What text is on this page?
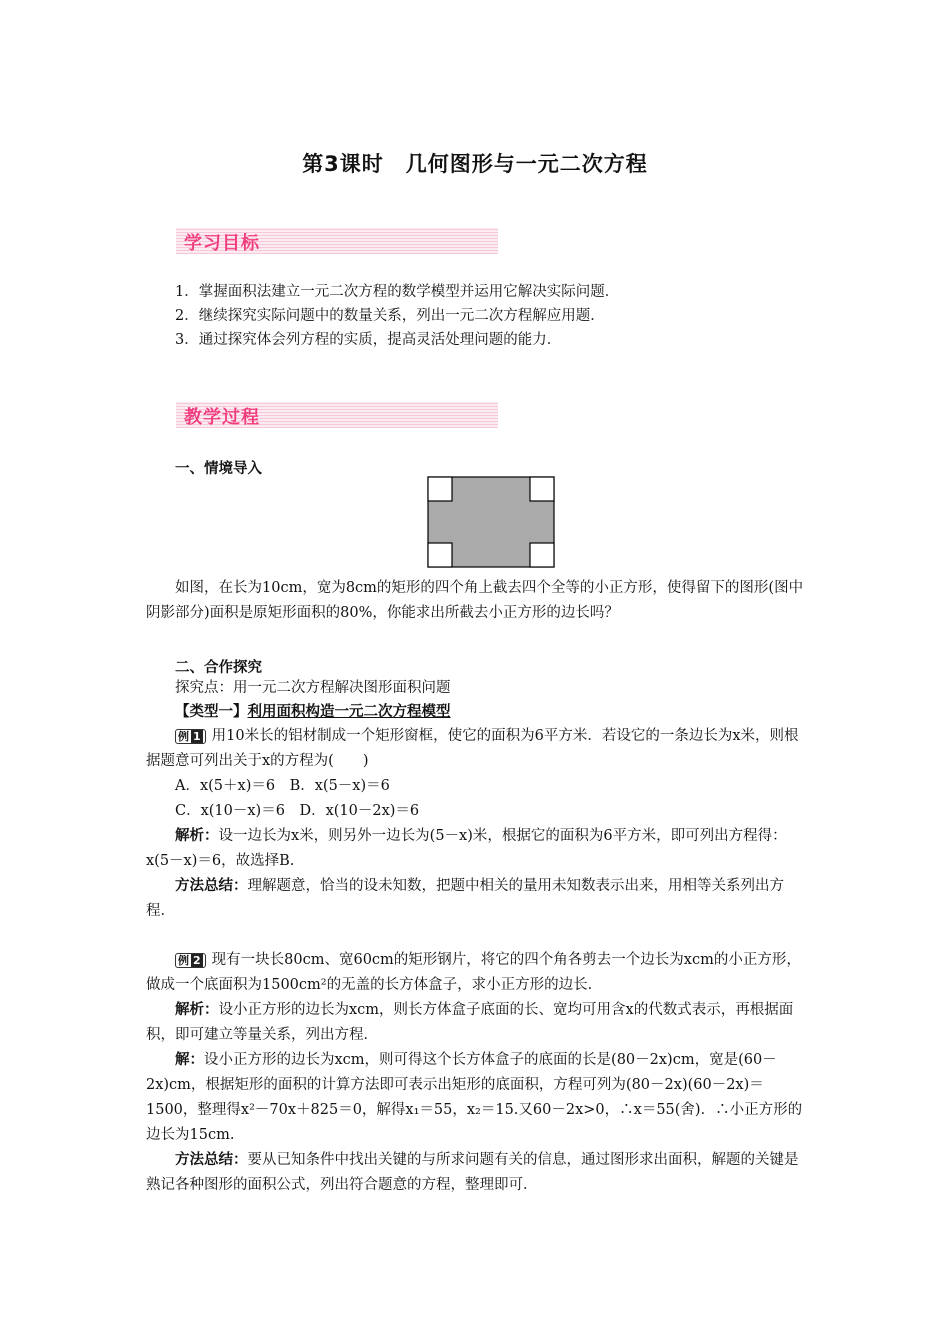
第3课时　几何图形与一元二次方程
学习目标
1．掌握面积法建立一元二次方程的数学模型并运用它解决实际问题．
2．继续探究实际问题中的数量关系，列出一元二次方程解应用题．
3．通过探究体会列方程的实质，提高灵活处理问题的能力．
教学过程
一、情境导入

如图，在长为10cm，宽为8cm的矩形的四个角上截去四个全等的小正方形，使得留下的图形(图中阴影部分)面积是原矩形面积的80%，你能求出所截去小正方形的边长吗？

二、合作探究
探究点：用一元二次方程解决图形面积问题
【类型一】利用面积构造一元二次方程模型

例 1 用10米长的铝材制成一个矩形窗框，使它的面积为6平方米．若设它的一条边长为x米，则根据题意可列出关于x的方程为(　　)

A．x(5＋x)＝6　B．x(5－x)＝6

C．x(10－x)＝6　D．x(10－2x)＝6

解析：设一边长为x米，则另外一边长为(5－x)米，根据它的面积为6平方米，即可列出方程得：x(5－x)＝6，故选择B.

方法总结：理解题意，恰当的设未知数，把题中相关的量用未知数表示出来，用相等关系列出方程．

例 2 现有一块长80cm、宽60cm的矩形钢片，将它的四个角各剪去一个边长为xcm的小正方形，做成一个底面积为1500cm²的无盖的长方体盒子，求小正方形的边长．

解析：设小正方形的边长为xcm，则长方体盒子底面的长、宽均可用含x的代数式表示，再根据面积，即可建立等量关系，列出方程．

解：设小正方形的边长为xcm，则可得这个长方体盒子的底面的长是(80－2x)cm，宽是(60－2x)cm，根据矩形的面积的计算方法即可表示出矩形的底面积，方程可列为(80－2x)(60－2x)＝1500，整理得x²－70x＋825＝0，解得x₁＝55，x₂＝15.又60－2x>0，∴x＝55(舍)．∴小正方形的边长为15cm.

方法总结：要从已知条件中找出关键的与所求问题有关的信息，通过图形求出面积，解题的关键是熟记各种图形的面积公式，列出符合题意的方程，整理即可．
